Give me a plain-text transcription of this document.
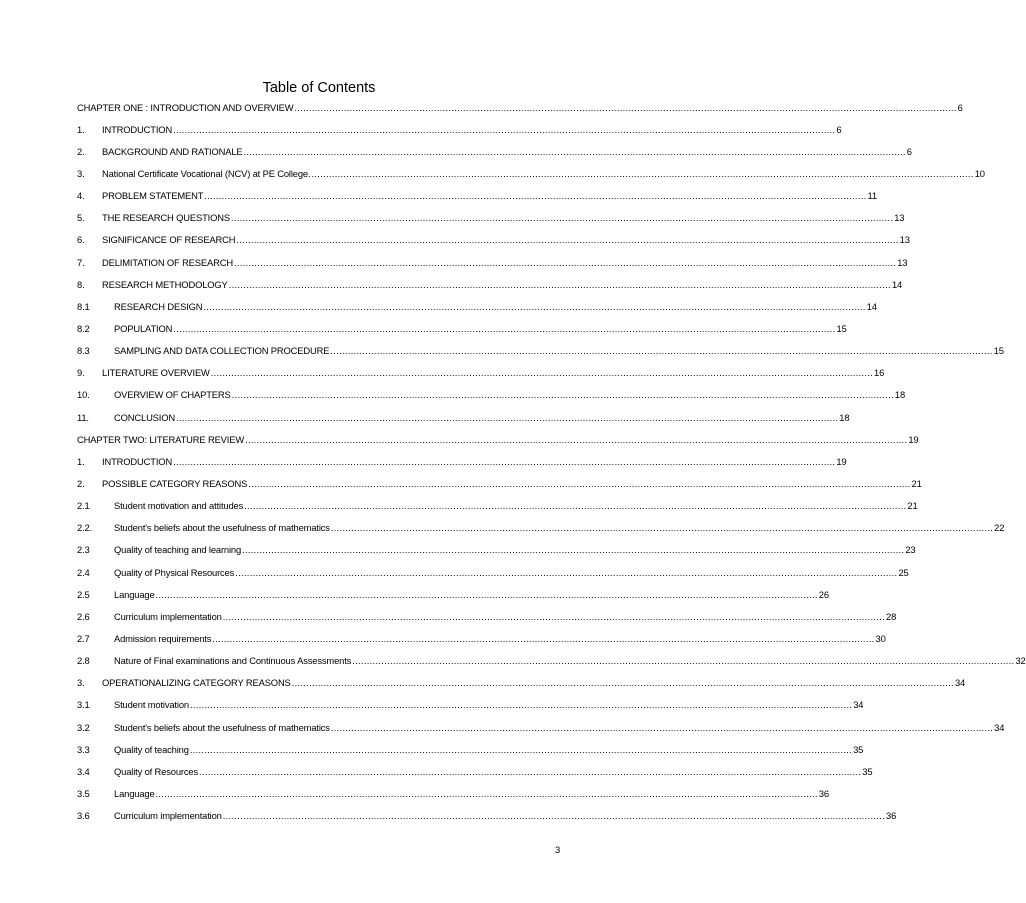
Table of Contents
CHAPTER ONE : INTRODUCTION AND OVERVIEW .....	6
1.	INTRODUCTION .....	6
2.	BACKGROUND AND RATIONALE .....	6
3.	National Certificate Vocational (NCV) at PE College. .....	10
4.	PROBLEM STATEMENT .....	11
5.	THE RESEARCH QUESTIONS .....	13
6.	SIGNIFICANCE OF RESEARCH .....	13
7.	DELIMITATION OF RESEARCH .....	13
8.	RESEARCH METHODOLOGY .....	14
8.1	RESEARCH DESIGN .....	14
8.2	POPULATION .....	15
8.3	SAMPLING AND DATA COLLECTION PROCEDURE .....	15
9.	LITERATURE OVERVIEW .....	16
10.	OVERVIEW OF CHAPTERS .....	18
11.	CONCLUSION .....	18
CHAPTER TWO: LITERATURE REVIEW .....	19
1.	INTRODUCTION .....	19
2.	POSSIBLE CATEGORY REASONS .....	21
2.1	Student motivation and attitudes .....	21
2.2.	Student's beliefs about the usefulness of mathematics .....	22
2.3	Quality of teaching and learning .....	23
2.4	Quality of Physical Resources .....	25
2.5	Language .....	26
2.6	Curriculum implementation .....	28
2.7	Admission requirements .....	30
2.8	Nature of Final examinations and Continuous Assessments .....	32
3.	OPERATIONALIZING CATEGORY REASONS .....	34
3.1	Student motivation .....	34
3.2	Student's beliefs about the usefulness of mathematics .....	34
3.3	Quality of teaching .....	35
3.4	Quality of Resources .....	35
3.5	Language .....	36
3.6	Curriculum implementation .....	36
3
